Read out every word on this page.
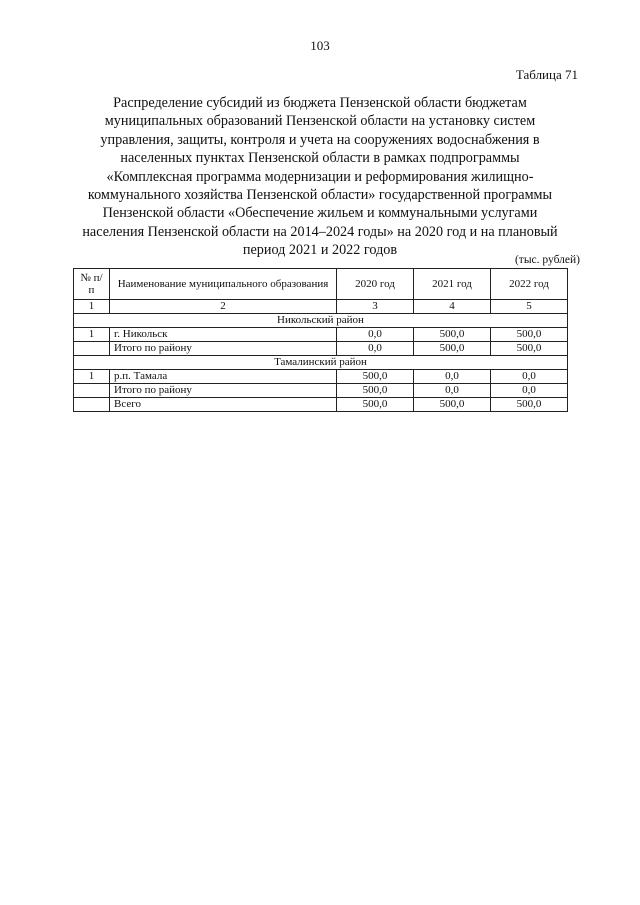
103
Таблица 71
Распределение субсидий из бюджета Пензенской области бюджетам
муниципальных образований Пензенской области на установку систем
управления, защиты, контроля и учета на сооружениях водоснабжения в
населенных пунктах Пензенской области в рамках подпрограммы
«Комплексная программа модернизации и реформирования жилищно-
коммунального хозяйства Пензенской области» государственной программы
Пензенской области «Обеспечение жильем и коммунальными услугами
населения Пензенской области на 2014–2024 годы» на 2020 год и на плановый
период 2021 и 2022 годов
(тыс. рублей)
№ п/п	Наименование муниципального образования	2020 год	2021 год	2022 год
1	2	3	4	5
Никольский район				
1	г. Никольск	0,0	500,0	500,0
	Итого по району	0,0	500,0	500,0
Тамалинский район				
1	р.п. Тамала	500,0	0,0	0,0
	Итого по району	500,0	0,0	0,0
	Всего	500,0	500,0	500,0
